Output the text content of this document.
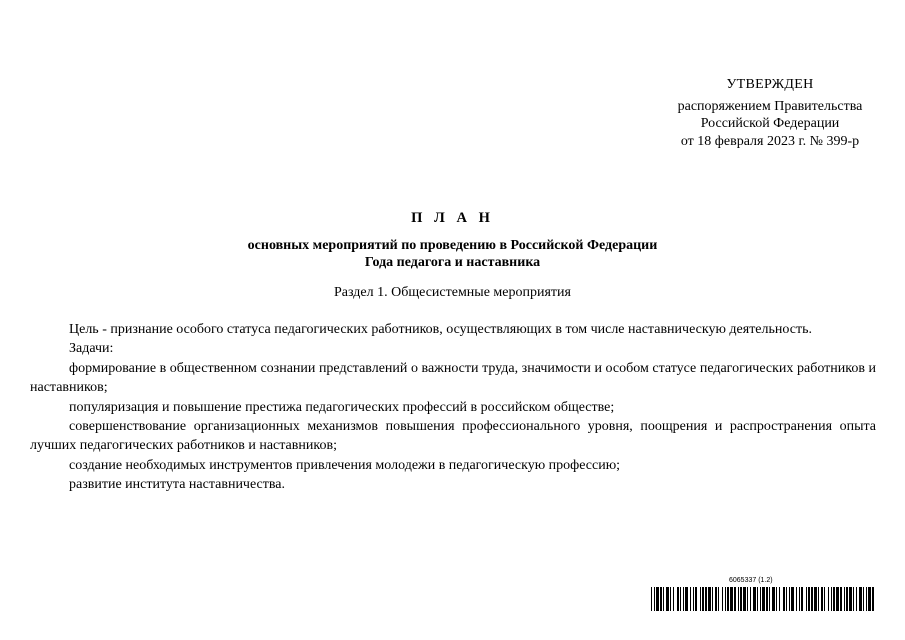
УТВЕРЖДЕН
распоряжением Правительства
Российской Федерации
от 18 февраля 2023 г. № 399-р
П Л А Н
основных мероприятий по проведению в Российской Федерации
Года педагога и наставника
Раздел 1. Общесистемные мероприятия

Цель - признание особого статуса педагогических работников, осуществляющих в том числе наставническую деятельность.

Задачи:

формирование в общественном сознании представлений о важности труда, значимости и особом статусе педагогических работников и наставников;

популяризация и повышение престижа педагогических профессий в российском обществе;

совершенствование организационных механизмов повышения профессионального уровня, поощрения и распространения опыта лучших педагогических работников и наставников;

создание необходимых инструментов привлечения молодежи в педагогическую профессию;

развитие института наставничества.

6065337 (1.2)
